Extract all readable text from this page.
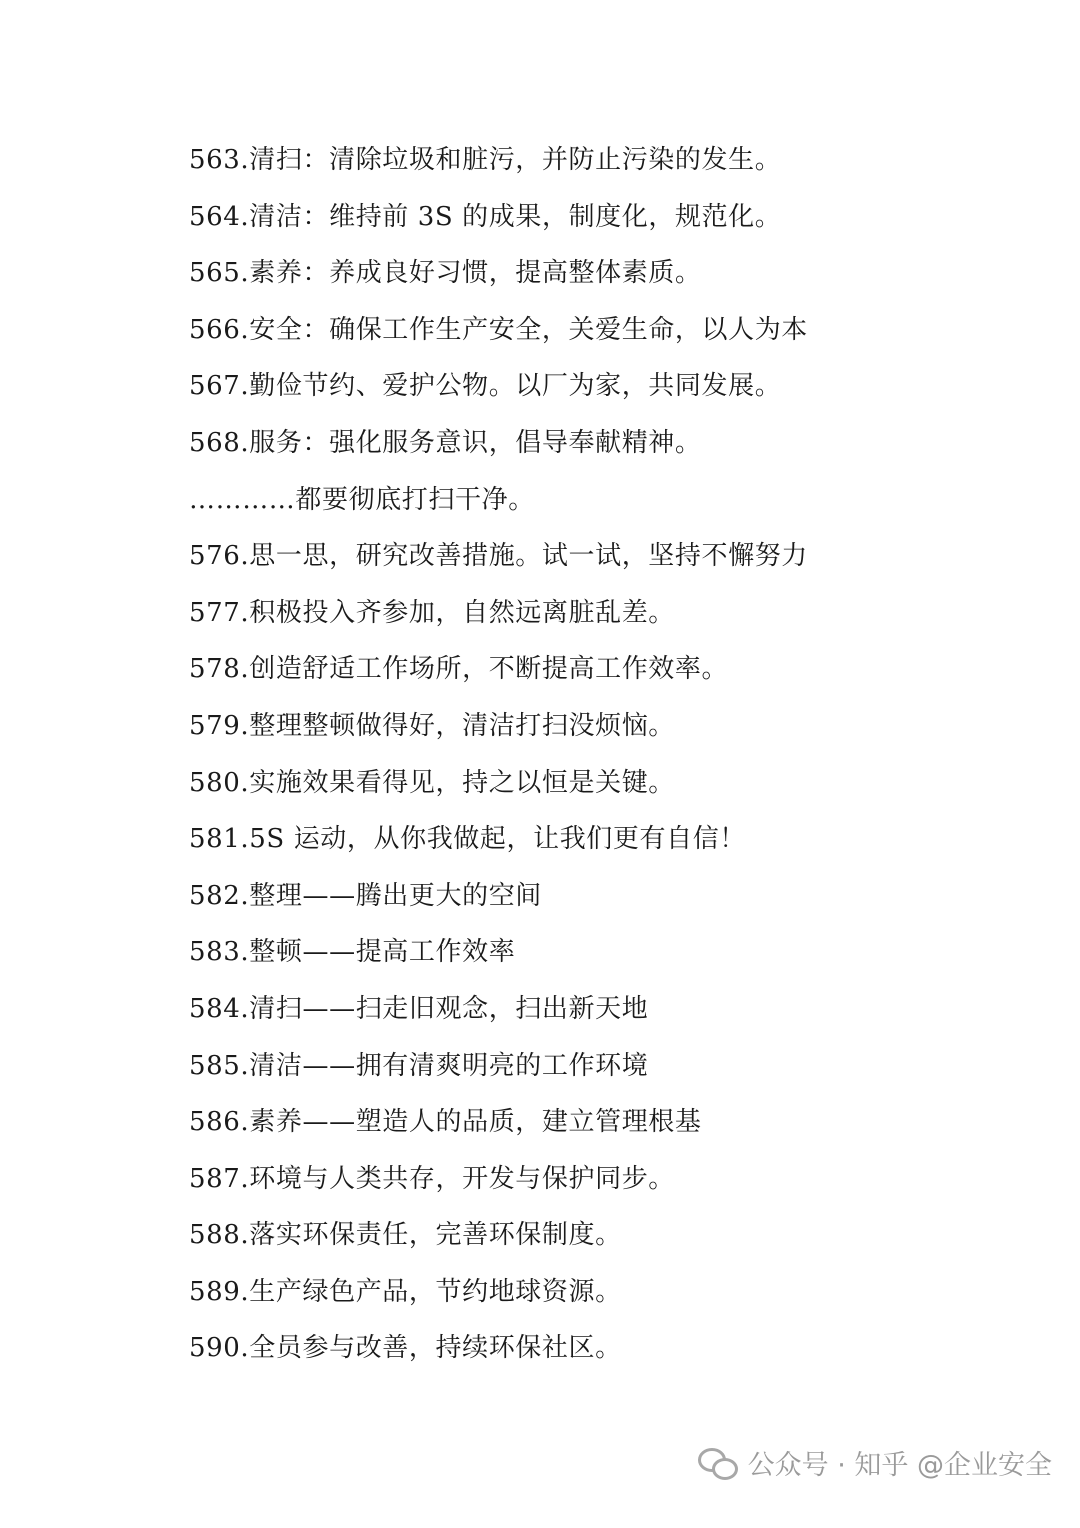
563.清扫：清除垃圾和脏污，并防止污染的发生。
564.清洁：维持前 3S 的成果，制度化，规范化。
565.素养：养成良好习惯，提高整体素质。
566.安全：确保工作生产安全，关爱生命，以人为本
567.勤俭节约、爱护公物。以厂为家，共同发展。
568.服务：强化服务意识，倡导奉献精神。
…………都要彻底打扫干净。
576.思一思，研究改善措施。试一试，坚持不懈努力
577.积极投入齐参加，自然远离脏乱差。
578.创造舒适工作场所，不断提高工作效率。
579.整理整顿做得好，清洁打扫没烦恼。
580.实施效果看得见，持之以恒是关键。
581.5S 运动，从你我做起，让我们更有自信！
582.整理——腾出更大的空间
583.整顿——提高工作效率
584.清扫——扫走旧观念，扫出新天地
585.清洁——拥有清爽明亮的工作环境
586.素养——塑造人的品质，建立管理根基
587.环境与人类共存，开发与保护同步。
588.落实环保责任，完善环保制度。
589.生产绿色产品，节约地球资源。
590.全员参与改善，持续环保社区。
公众号 · 知乎 @企业安全
